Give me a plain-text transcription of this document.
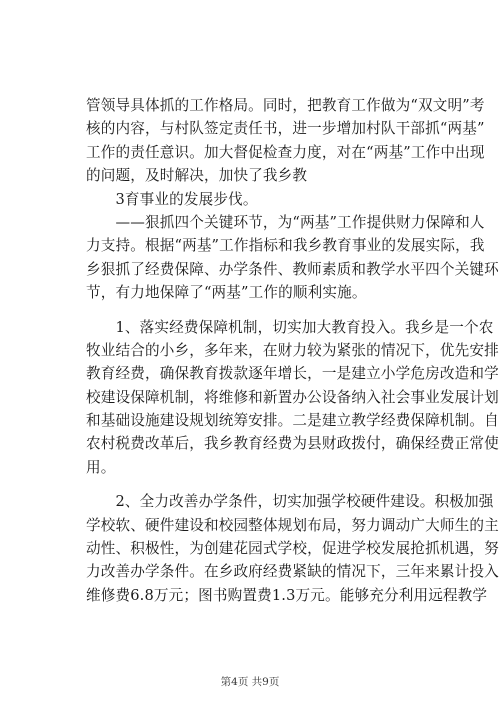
管领导具体抓的工作格局。同时，把教育工作做为“双文明”考
核的内容，与村队签定责任书，进一步增加村队干部抓“两基”
工作的责任意识。加大督促检查力度，对在“两基”工作中出现
的问题，及时解决，加快了我乡教
　　3育事业的发展步伐。
　　——狠抓四个关键环节，为“两基”工作提供财力保障和人
力支持。根据“两基”工作指标和我乡教育事业的发展实际，我
乡狠抓了经费保障、办学条件、教师素质和教学水平四个关键环
节，有力地保障了“两基”工作的顺利实施。
　　1、落实经费保障机制，切实加大教育投入。我乡是一个农
牧业结合的小乡，多年来，在财力较为紧张的情况下，优先安排
教育经费，确保教育拨款逐年增长，一是建立小学危房改造和学
校建设保障机制，将维修和新置办公设备纳入社会事业发展计划
和基础设施建设规划统筹安排。二是建立教学经费保障机制。自
农村税费改革后，我乡教育经费为县财政拨付，确保经费正常使
用。
　　2、全力改善办学条件，切实加强学校硬件建设。积极加强
学校软、硬件建设和校园整体规划布局，努力调动广大师生的主
动性、积极性，为创建花园式学校，促进学校发展抢抓机遇，努
力改善办学条件。在乡政府经费紧缺的情况下，三年来累计投入
维修费6.8万元；图书购置费1.3万元。能够充分利用远程教学
第4页 共9页
